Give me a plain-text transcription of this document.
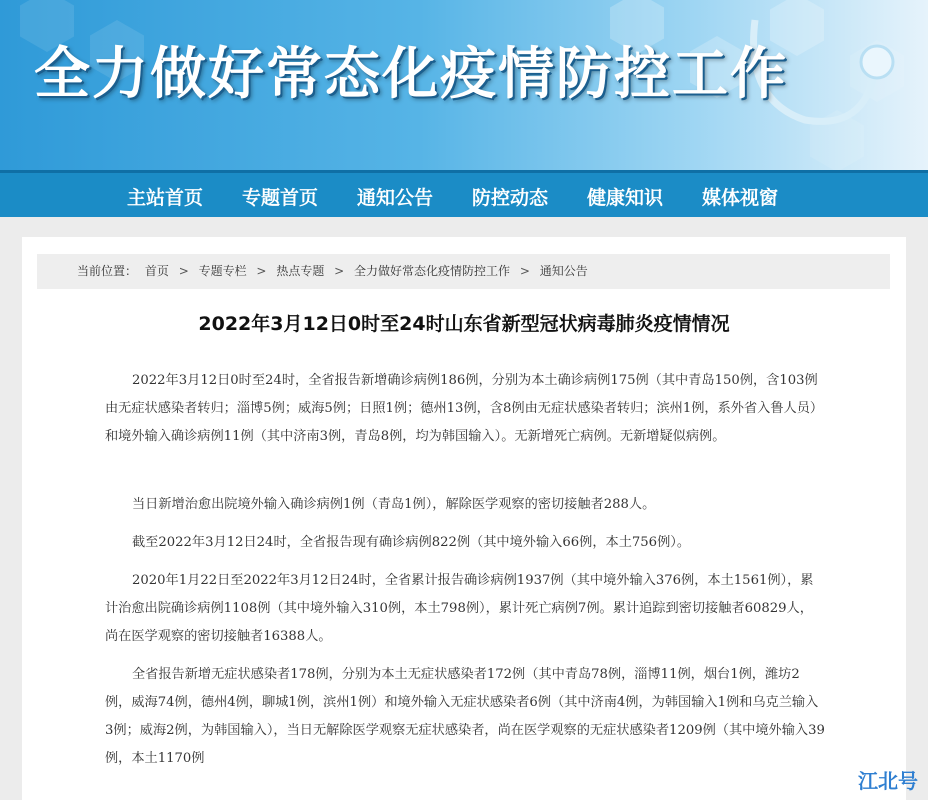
全力做好常态化疫情防控工作
主站首页 专题首页 通知公告 防控动态 健康知识 媒体视窗
当前位置： 首页 > 专题专栏 > 热点专题 > 全力做好常态化疫情防控工作 > 通知公告
2022年3月12日0时至24时山东省新型冠状病毒肺炎疫情情况
2022年3月12日0时至24时，全省报告新增确诊病例186例，分别为本土确诊病例175例（其中青岛150例，含103例由无症状感染者转归；淄博5例；威海5例；日照1例；德州13例，含8例由无症状感染者转归；滨州1例，系外省入鲁人员）和境外输入确诊病例11例（其中济南3例，青岛8例，均为韩国输入）。无新增死亡病例。无新增疑似病例。
当日新增治愈出院境外输入确诊病例1例（青岛1例），解除医学观察的密切接触者288人。
截至2022年3月12日24时，全省报告现有确诊病例822例（其中境外输入66例，本土756例）。
2020年1月22日至2022年3月12日24时，全省累计报告确诊病例1937例（其中境外输入376例，本土1561例），累计治愈出院确诊病例1108例（其中境外输入310例，本土798例），累计死亡病例7例。累计追踪到密切接触者60829人，尚在医学观察的密切接触者16388人。
全省报告新增无症状感染者178例，分别为本土无症状感染者172例（其中青岛78例，淄博11例，烟台1例，潍坊2例，威海74例，德州4例，聊城1例，滨州1例）和境外输入无症状感染者6例（其中济南4例，为韩国输入1例和乌克兰输入3例；威海2例，为韩国输入），当日无解除医学观察无症状感染者，尚在医学观察的无症状感染者1209例（其中境外输入39例，本土1170例
江北号
